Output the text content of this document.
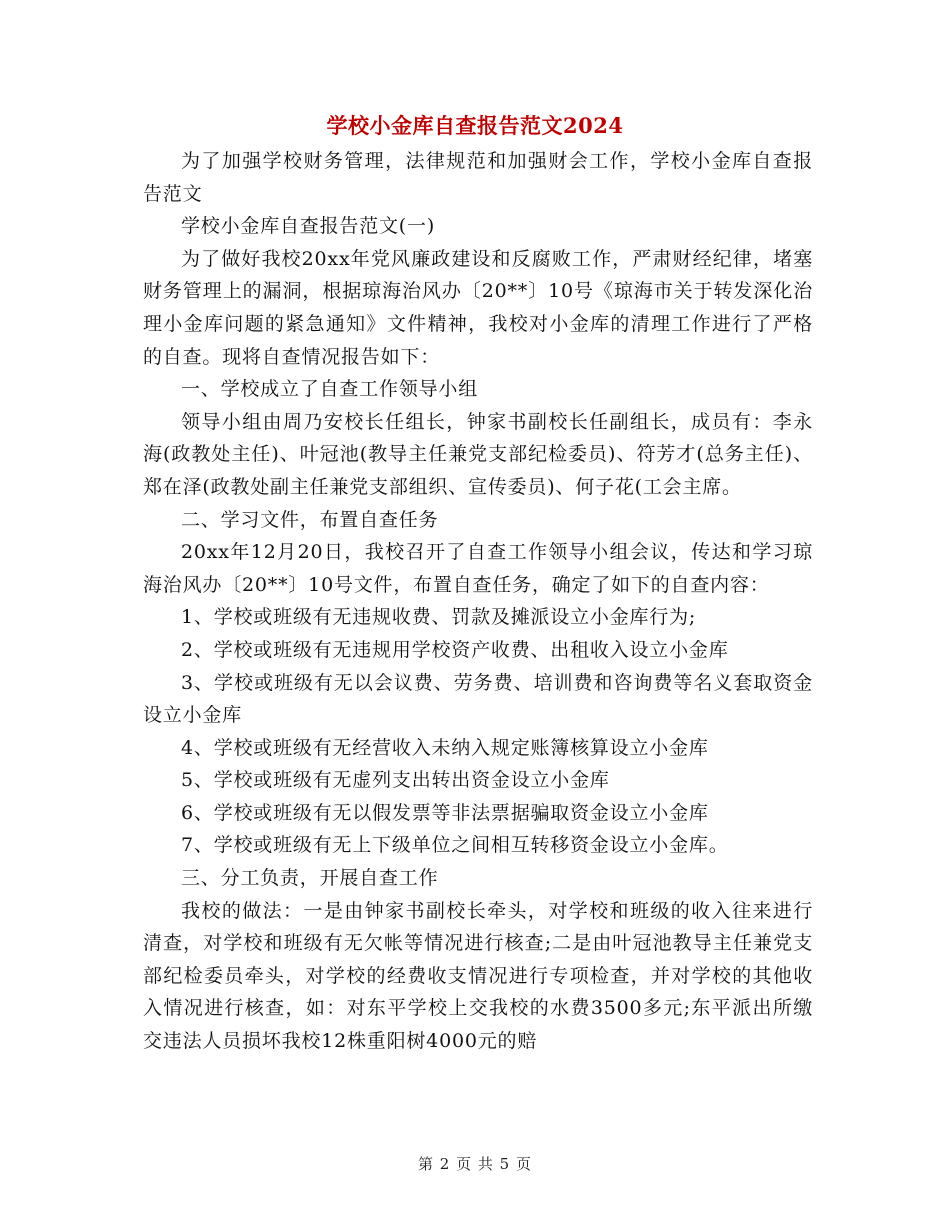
学校小金库自查报告范文2024

为了加强学校财务管理，法律规范和加强财会工作，学校小金库自查报告范文

学校小金库自查报告范文(一)

为了做好我校20xx年党风廉政建设和反腐败工作，严肃财经纪律，堵塞财务管理上的漏洞，根据琼海治风办〔20**〕10号《琼海市关于转发深化治理小金库问题的紧急通知》文件精神，我校对小金库的清理工作进行了严格的自查。现将自查情况报告如下：

一、学校成立了自查工作领导小组

领导小组由周乃安校长任组长，钟家书副校长任副组长，成员有：李永海(政教处主任)、叶冠池(教导主任兼党支部纪检委员)、符芳才(总务主任)、郑在泽(政教处副主任兼党支部组织、宣传委员)、何子花(工会主席。

二、学习文件，布置自查任务

20xx年12月20日，我校召开了自查工作领导小组会议，传达和学习琼海治风办〔20**〕10号文件，布置自查任务，确定了如下的自查内容：

1、学校或班级有无违规收费、罚款及摊派设立小金库行为;

2、学校或班级有无违规用学校资产收费、出租收入设立小金库

3、学校或班级有无以会议费、劳务费、培训费和咨询费等名义套取资金设立小金库

4、学校或班级有无经营收入未纳入规定账簿核算设立小金库

5、学校或班级有无虚列支出转出资金设立小金库

6、学校或班级有无以假发票等非法票据骗取资金设立小金库

7、学校或班级有无上下级单位之间相互转移资金设立小金库。

三、分工负责，开展自查工作

我校的做法：一是由钟家书副校长牵头，对学校和班级的收入往来进行清查，对学校和班级有无欠帐等情况进行核查;二是由叶冠池教导主任兼党支部纪检委员牵头，对学校的经费收支情况进行专项检查，并对学校的其他收入情况进行核查，如：对东平学校上交我校的水费3500多元;东平派出所缴交违法人员损坏我校12株重阳树4000元的赔

第 2 页 共 5 页
